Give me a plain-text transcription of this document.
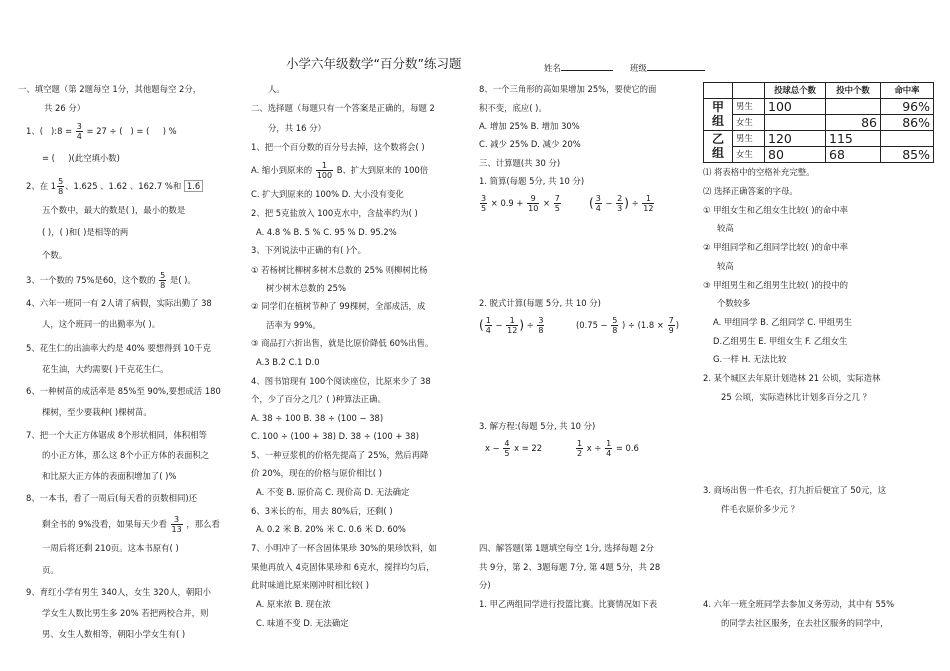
小学六年级数学“百分数”练习题	姓名	班级
一、填空题（第 2题每空 1分，其他题每空 2分，
共 26 分）
1、( ):8 = $\frac{3}{4} = 27$ ÷ ( ) = ( ) %
= ( )(此空填小数)
2、在 $1 \frac{5}{8}$ 、1.625 、1.62 、162.7 %和 1.6̇
五个数中，最大的数是( )，最小的数是
( )，( )和( )是相等的两
个数。
3、一个数的 75%是60，这个数的 $\frac{5}{8}$ 是( )。
4、六年一班同一有 2人请了病假，实际出勤了 38
人，这个班同一的出勤率为( )。
5、花生仁的出油率大约是 40% 要想得到 10千克
花生油，大约需要( )千克花生仁。
6、一种树苗的成活率是 85%至 90%,要想成活 180
棵树，至少要栽种( )棵树苗。
7、把一个大正方体锯成 8个形状相同，体积相等
的小正方体，那么这 8个小正方体的表面积之
和比原大正方体的表面积增加了( )%
8、一本书，看了一周后(每天看的页数相同)还
剩全书的 9%没看，如果每天少看 $\frac{3}{13}$ ，那么看
一周后将还剩 210页。这本书原有( )
页。
9、育红小学有男生 340人，女生 320人，朝阳小
学女生人数比男生多 20% 若把两校合并，则
男、女生人数相等，朝阳小学女生有( )
人。
二、选择题（每题只有一个答案是正确的，每题 2
分，共 16 分）
1、把一个百分数的百分号去掉，这个数将会( )
A. 缩小到原来的 $\frac{1}{100}$ B、扩大到原来的 100倍
C. 扩大到原来的 100% D. 大小没有变化
2、把 5克盐放入 100克水中，含盐率约为( )
A. 4.8 % B. 5 % C. 95 % D. 95.2%
3、下列说法中正确的有( )个。
① 若杨树比柳树多树木总数的 25% 则柳树比杨
树少树木总数的 25%
② 同学们在植树节种了 99棵树，全部成活，成
活率为 99%。
③ 商品打六折出售，就是比原价降低 60%出售。
A.3 B.2 C.1 D.0
4、图书馆现有 100个阅读座位，比原来少了 38
个，少了百分之几？( )种算法正确。
A. 38 ÷ 100 B. 38 ÷ (100 − 38)
C. 100 ÷ (100 + 38) D. 38 ÷ (100 + 38)
5、一种豆浆机的价格先提高了 25%，然后再降
价 20%，现在的价格与原价相比( )
A. 不变 B. 原价高 C. 现价高 D. 无法确定
6、3米长的布，用去 80%后，还剩( )
A. 0.2 米 B. 20% 米 C. 0.6 米 D. 60%
7、小明冲了一杯含固体果珍 30%的果珍饮料，如
果他再放入 4克固体果珍和 6克水，搅拌均匀后，
此时味道比原来刚冲时相比较( )
A. 原来浓 B. 现在浓
C. 味道不变 D. 无法确定
8、一个三角形的高如果增加 25%，要使它的面
积不变，底应( )。
A. 增加 25% B. 增加 30%
C. 减少 25% D. 减少 20%
三、计算题(共 30 分)
1. 简算(每题 5分, 共 10 分)
$\frac{3}{5} \times 0.9 + \frac{9}{10} \times \frac{7}{5}$ ( $\frac{3}{4} - \frac{2}{3}$ ) ÷ $\frac{1}{12}$
2. 脱式计算(每题 5分, 共 10 分)
( $\frac{1}{4} - \frac{1}{12}$ ) ÷ $\frac{3}{8}$	($0.75 - \frac{5}{8}$ ) ÷ ($1.8 \times \frac{7}{9}$ )
3. 解方程:(每题 5分, 共 10 分)
$x - \frac{4}{5}$ x = 22	$\frac{1}{2}$ $x \div \frac{1}{4} = 0.6$
四、解答题(第 1题填空每空 1分, 选择每题 2分
共 9分，第 2、3题每题 7分, 第 4题 5分，共 28
分)
1. 甲乙两组同学进行投篮比赛。比赛情况如下表
		投球总个数	投中个数	命中率
甲组	男生	100		96%
	女生		86	86%
乙组	男生	120	115	
	女生	80	68	85%
⑴ 将表格中的空格补充完整。
⑵ 选择正确答案的字母。
① 甲组女生和乙组女生比较( )的命中率
较高
② 甲组同学和乙组同学比较( )的命中率
较高
③ 甲组男生和乙组男生比较( )的投中的
个数较多
A. 甲组同学 B. 乙组同学 C. 甲组男生
D.乙组男生 E. 甲组女生 F. 乙组女生
G.一样 H. 无法比较
2. 某个城区去年原计划造林 21 公顷，实际造林
25 公顷，实际造林比计划多百分之几 ？
3. 商场出售一件毛衣，打九折后便宜了 50元，这
件毛衣原价多少元 ？
4. 六年一班全班同学去参加义务劳动，其中有 55%
的同学去社区服务，在去社区服务的同学中，
